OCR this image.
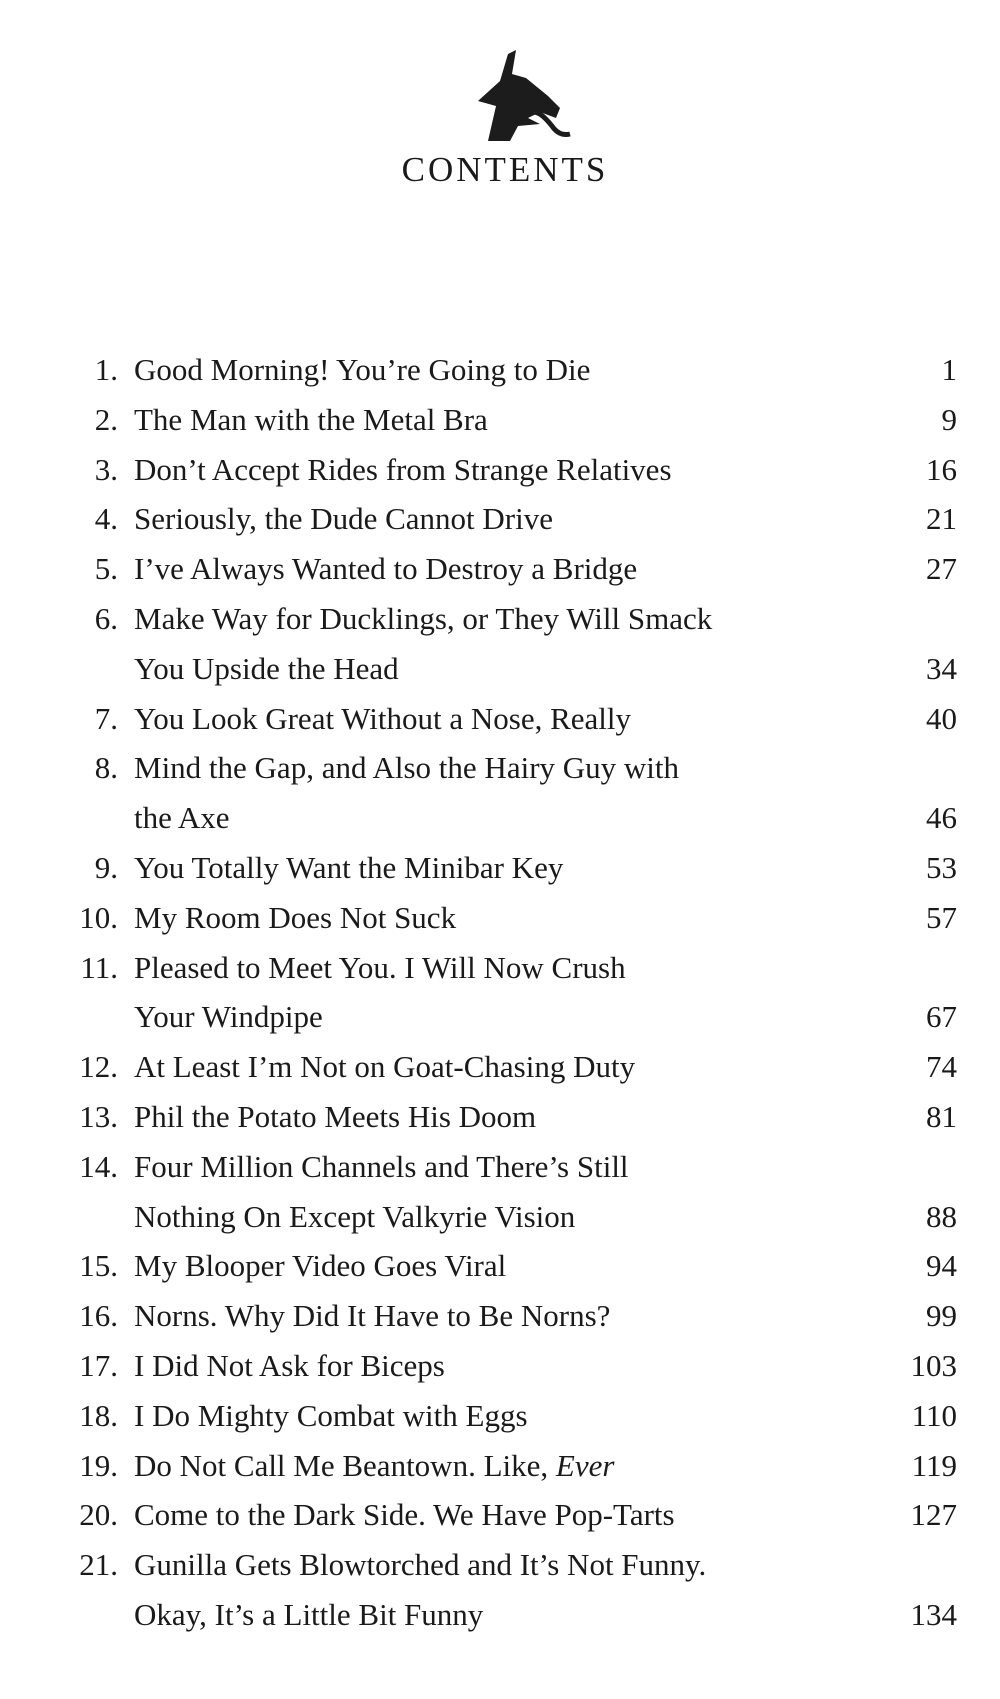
CONTENTS
1. Good Morning! You’re Going to Die	1
2. The Man with the Metal Bra	9
3. Don’t Accept Rides from Strange Relatives	16
4. Seriously, the Dude Cannot Drive	21
5. I’ve Always Wanted to Destroy a Bridge	27
6. Make Way for Ducklings, or They Will Smack
You Upside the Head	34
7. You Look Great Without a Nose, Really	40
8. Mind the Gap, and Also the Hairy Guy with
the Axe	46
9. You Totally Want the Minibar Key	53
10. My Room Does Not Suck	57
11. Pleased to Meet You. I Will Now Crush
Your Windpipe	67
12. At Least I’m Not on Goat-Chasing Duty	74
13. Phil the Potato Meets His Doom	81
14. Four Million Channels and There’s Still
Nothing On Except Valkyrie Vision	88
15. My Blooper Video Goes Viral	94
16. Norns. Why Did It Have to Be Norns?	99
17. I Did Not Ask for Biceps	103
18. I Do Mighty Combat with Eggs	110
19. Do Not Call Me Beantown. Like, Ever	119
20. Come to the Dark Side. We Have Pop-Tarts	127
21. Gunilla Gets Blowtorched and It’s Not Funny.
Okay, It’s a Little Bit Funny	134
